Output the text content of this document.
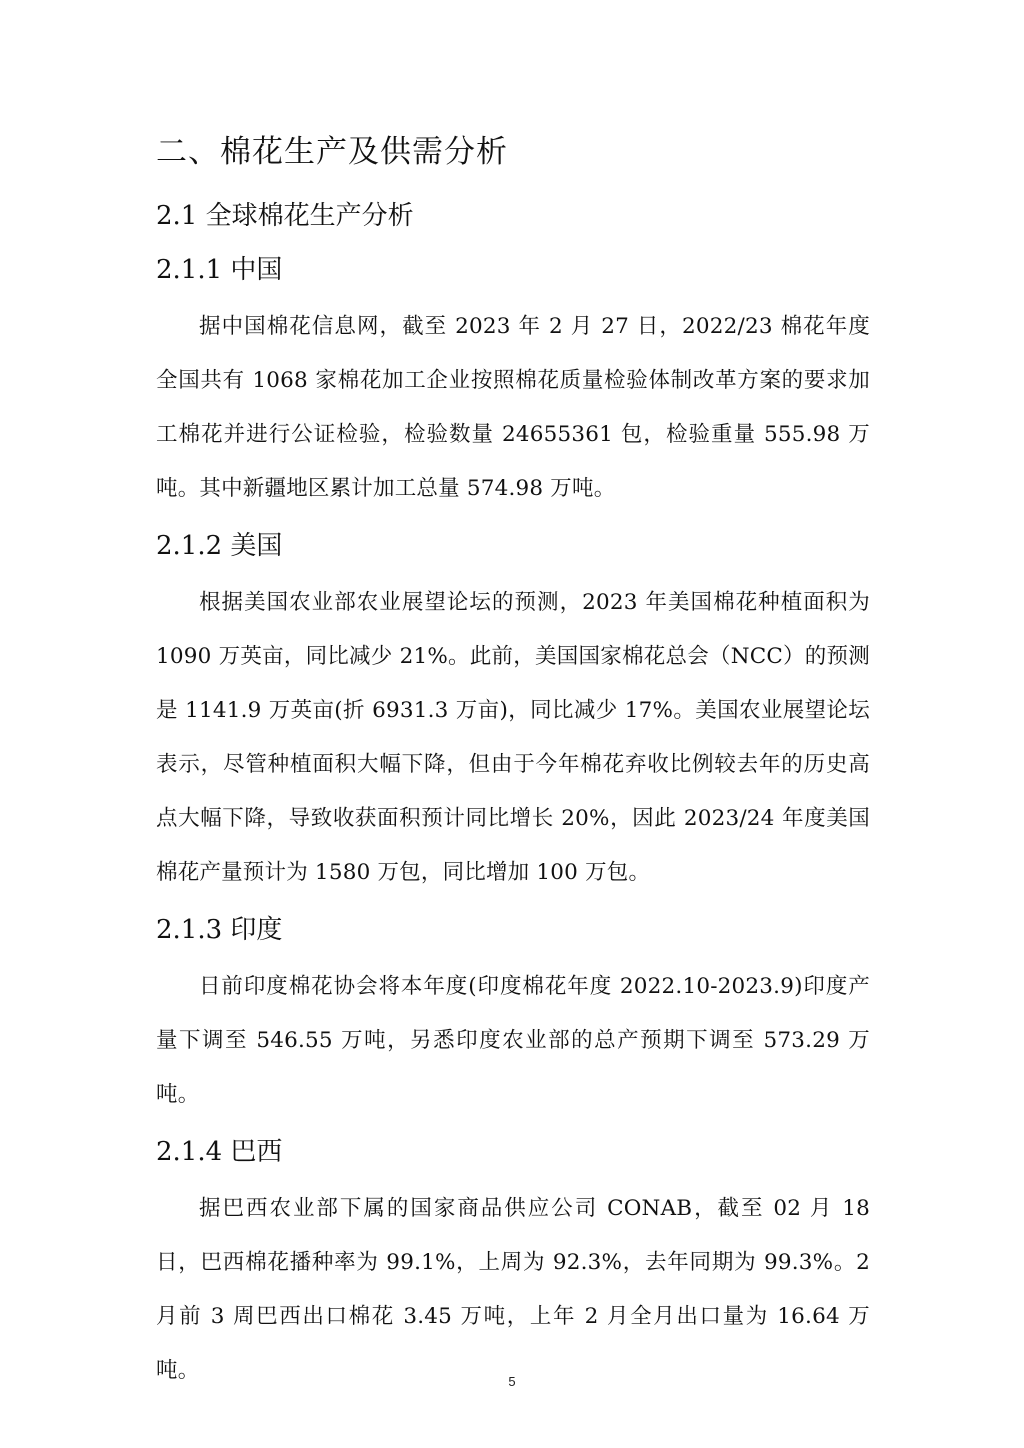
二、棉花生产及供需分析
2.1 全球棉花生产分析
2.1.1 中国

据中国棉花信息网，截至 2023 年 2 月 27 日，2022/23 棉花年度全国共有 1068 家棉花加工企业按照棉花质量检验体制改革方案的要求加工棉花并进行公证检验，检验数量 24655361 包，检验重量 555.98 万吨。其中新疆地区累计加工总量 574.98 万吨。

2.1.2 美国

根据美国农业部农业展望论坛的预测，2023 年美国棉花种植面积为 1090 万英亩，同比减少 21%。此前，美国国家棉花总会（NCC）的预测是 1141.9 万英亩(折 6931.3 万亩)，同比减少 17%。美国农业展望论坛表示，尽管种植面积大幅下降，但由于今年棉花弃收比例较去年的历史高点大幅下降，导致收获面积预计同比增长 20%，因此 2023/24 年度美国棉花产量预计为 1580 万包，同比增加 100 万包。

2.1.3 印度

日前印度棉花协会将本年度(印度棉花年度 2022.10-2023.9)印度产量下调至 546.55 万吨，另悉印度农业部的总产预期下调至 573.29 万吨。

2.1.4 巴西

据巴西农业部下属的国家商品供应公司 CONAB，截至 02 月 18 日，巴西棉花播种率为 99.1%，上周为 92.3%，去年同期为 99.3%。2 月前 3 周巴西出口棉花 3.45 万吨，上年 2 月全月出口量为 16.64 万吨。	5
